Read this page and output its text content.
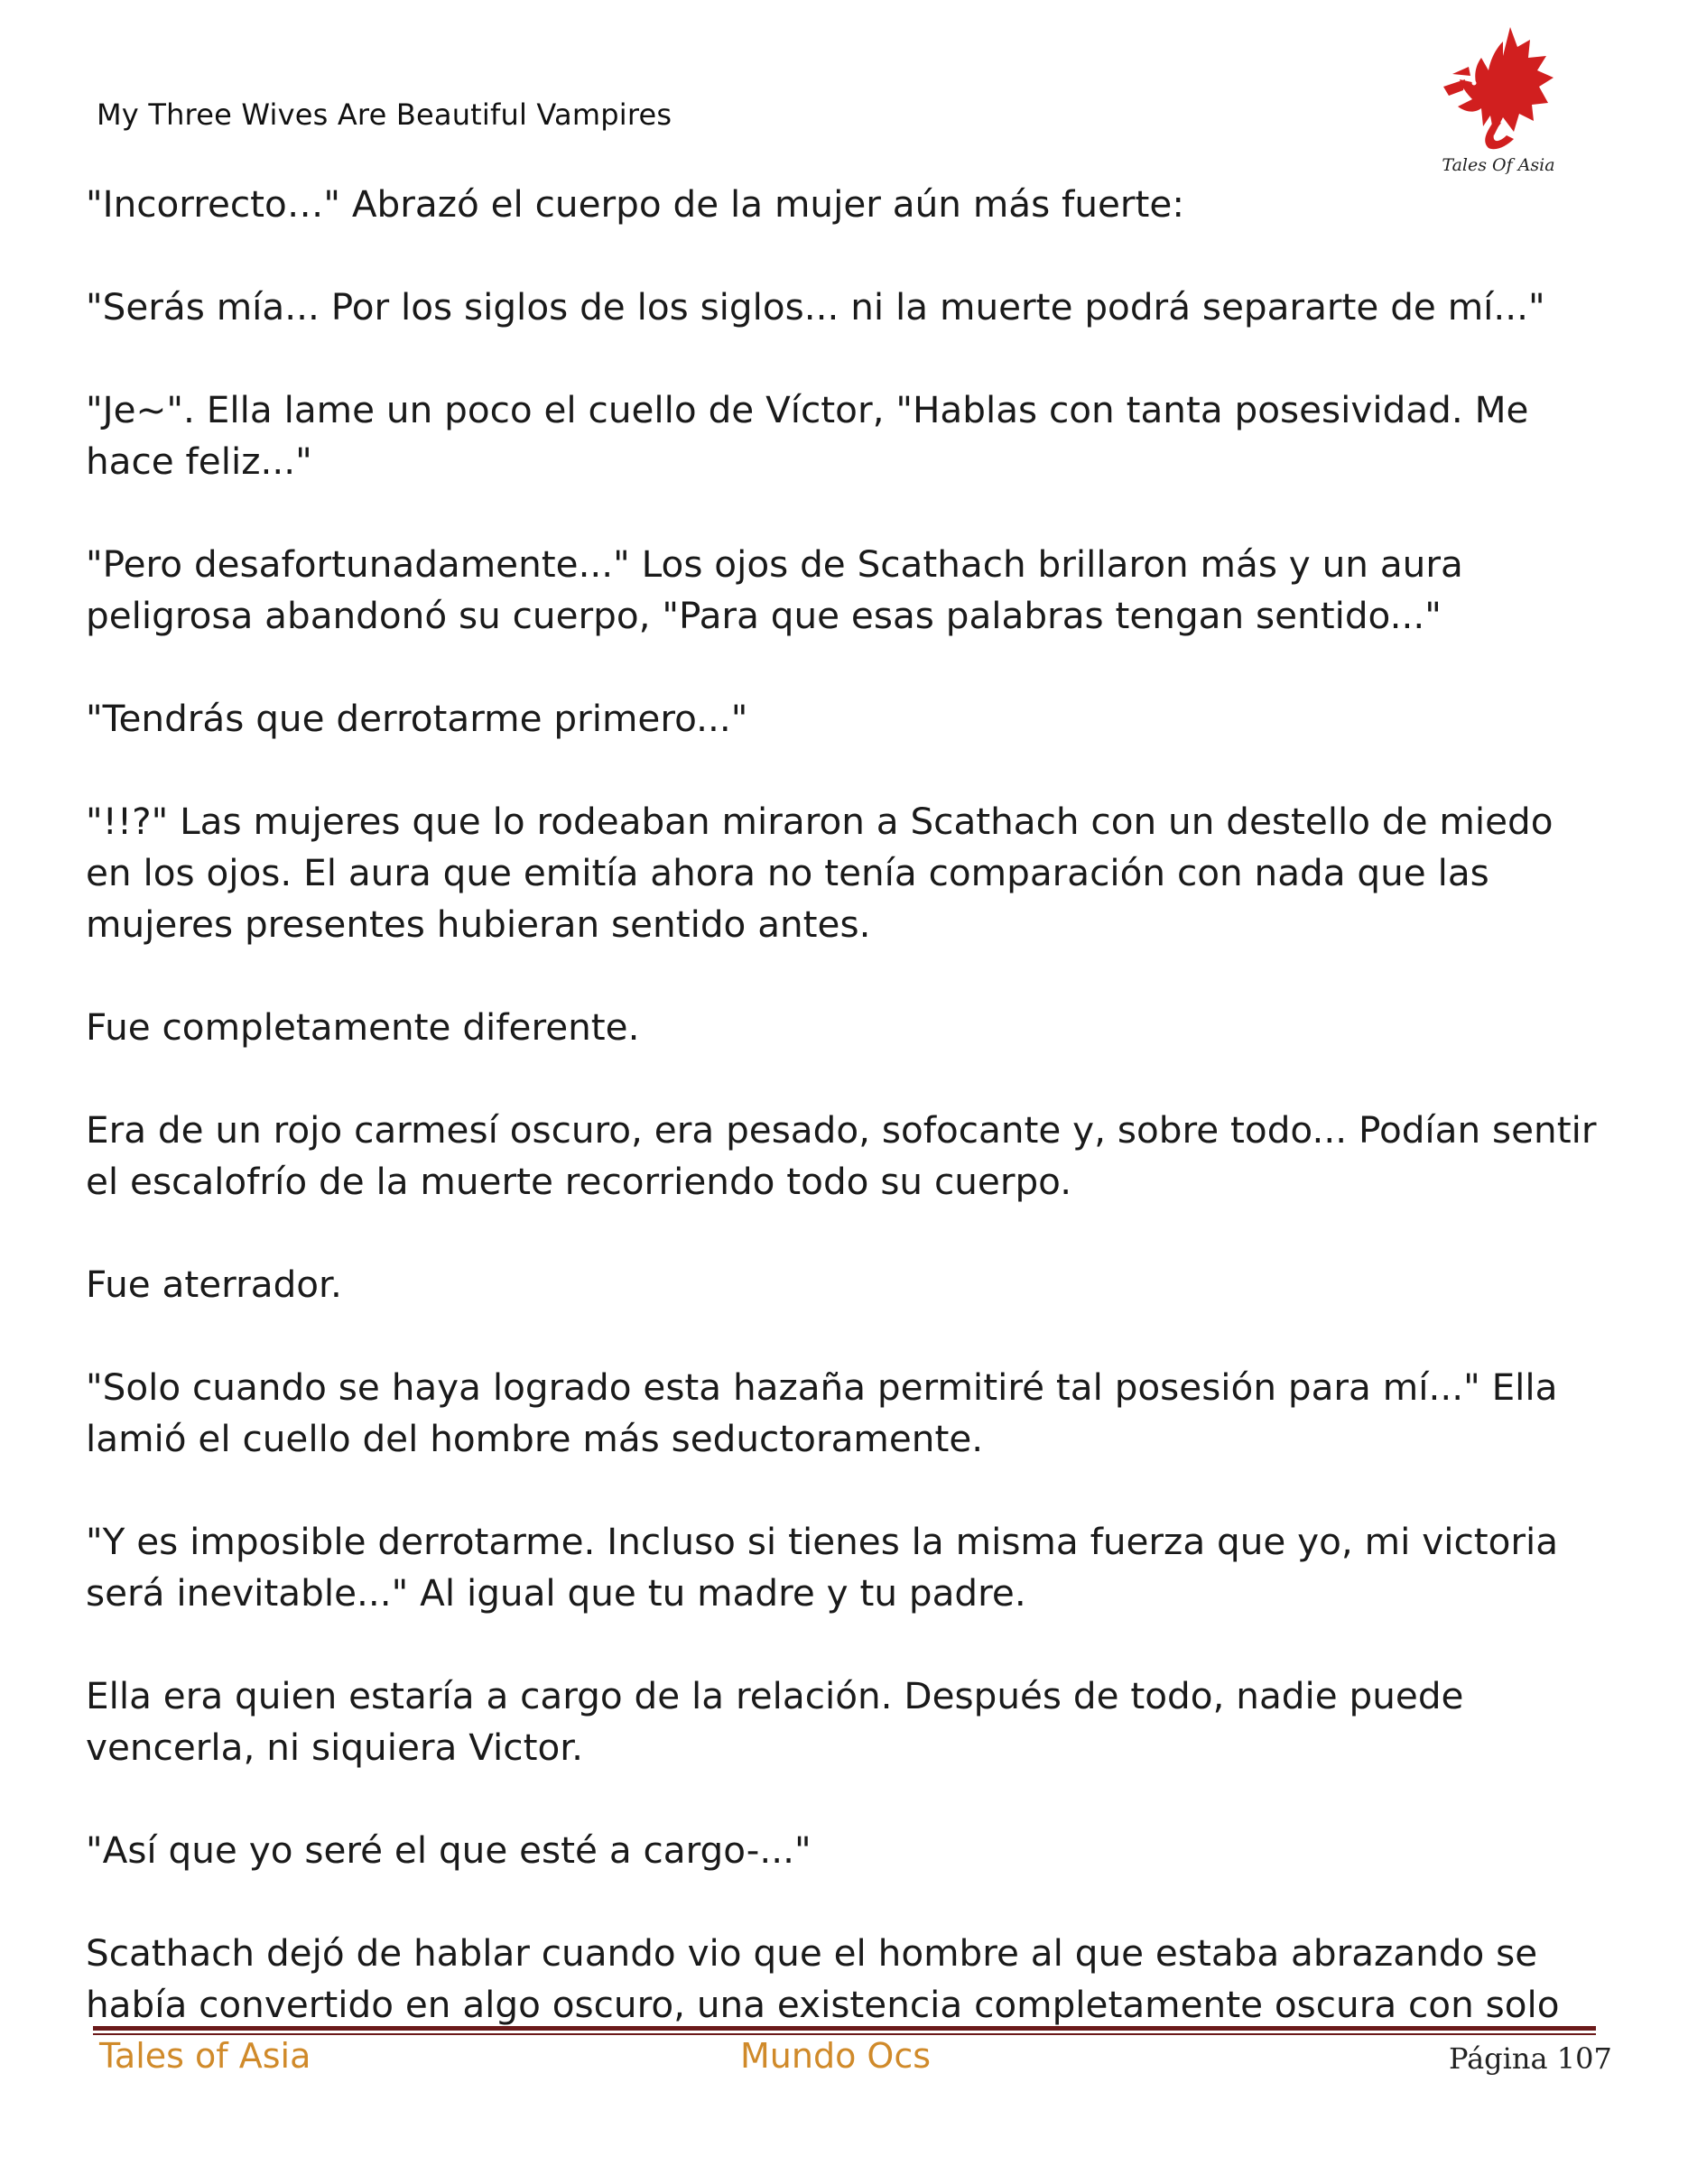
My Three Wives Are Beautiful Vampires
Tales Of Asia

"Incorrecto…" Abrazó el cuerpo de la mujer aún más fuerte:

"Serás mía... Por los siglos de los siglos... ni la muerte podrá separarte de mí..."

"Je~". Ella lame un poco el cuello de Víctor, "Hablas con tanta posesividad. Me hace feliz..."

"Pero desafortunadamente..." Los ojos de Scathach brillaron más y un aura peligrosa abandonó su cuerpo, "Para que esas palabras tengan sentido..."

"Tendrás que derrotarme primero..."

"!!?" Las mujeres que lo rodeaban miraron a Scathach con un destello de miedo en los ojos. El aura que emitía ahora no tenía comparación con nada que las mujeres presentes hubieran sentido antes.

Fue completamente diferente.

Era de un rojo carmesí oscuro, era pesado, sofocante y, sobre todo... Podían sentir el escalofrío de la muerte recorriendo todo su cuerpo.

Fue aterrador.

"Solo cuando se haya logrado esta hazaña permitiré tal posesión para mí..." Ella lamió el cuello del hombre más seductoramente.

"Y es imposible derrotarme. Incluso si tienes la misma fuerza que yo, mi victoria será inevitable..." Al igual que tu madre y tu padre.

Ella era quien estaría a cargo de la relación. Después de todo, nadie puede vencerla, ni siquiera Victor.

"Así que yo seré el que esté a cargo-..."

Scathach dejó de hablar cuando vio que el hombre al que estaba abrazando se había convertido en algo oscuro, una existencia completamente oscura con solo

Tales of Asia	Mundo Ocs	Página 107
